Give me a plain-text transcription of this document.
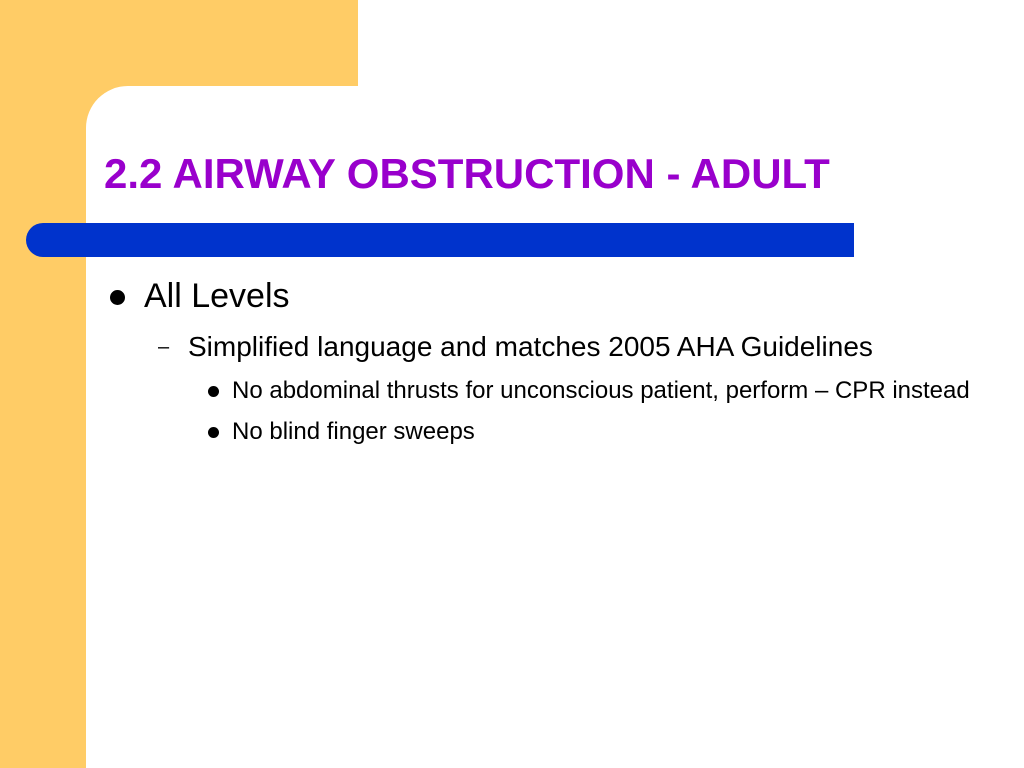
2.2 AIRWAY OBSTRUCTION - ADULT
All Levels
– Simplified language and matches 2005 AHA Guidelines
No abdominal thrusts for unconscious patient, perform – CPR instead
No blind finger sweeps
